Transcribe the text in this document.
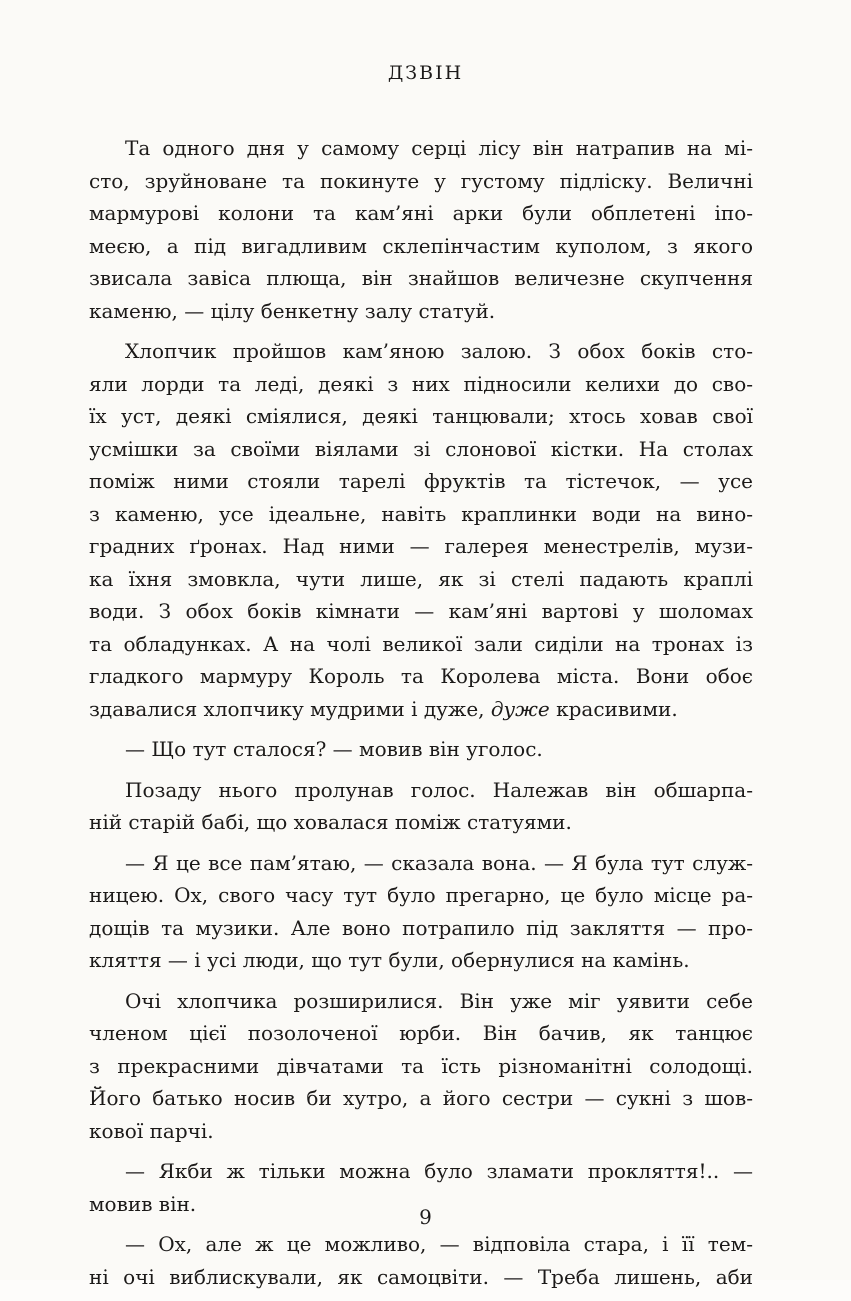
ДЗВІН
Та одного дня у самому серці лісу він натрапив на мі-
сто, зруйноване та покинуте у густому підліску. Величні
мармурові колони та кам’яні арки були обплетені іпо-
меєю, а під вигадливим склепінчастим куполом, з якого
звисала завіса плюща, він знайшов величезне скупчення
каменю, — цілу бенкетну залу статуй.
Хлопчик пройшов кам’яною залою. З обох боків сто-
яли лорди та леді, деякі з них підносили келихи до сво-
їх уст, деякі сміялися, деякі танцювали; хтось ховав свої
усмішки за своїми віялами зі слонової кістки. На столах
поміж ними стояли тарелі фруктів та тістечок, — усе
з каменю, усе ідеальне, навіть краплинки води на вино-
градних ґронах. Над ними — галерея менестрелів, музи-
ка їхня змовкла, чути лише, як зі стелі падають краплі
води. З обох боків кімнати — кам’яні вартові у шоломах
та обладунках. А на чолі великої зали сиділи на тронах із
гладкого мармуру Король та Королева міста. Вони обоє
здавалися хлопчику мудрими і дуже, дуже красивими.
— Що тут сталося? — мовив він уголос.
Позаду нього пролунав голос. Належав він обшарпа-
ній старій бабі, що ховалася поміж статуями.
— Я це все пам’ятаю, — сказала вона. — Я була тут служ-
ницею. Ох, свого часу тут було прегарно, це було місце ра-
дощів та музики. Але воно потрапило під закляття — про-
кляття — і усі люди, що тут були, обернулися на камінь.
Очі хлопчика розширилися. Він уже міг уявити себе
членом цієї позолоченої юрби. Він бачив, як танцює
з прекрасними дівчатами та їсть різноманітні солодощі.
Його батько носив би хутро, а його сестри — сукні з шов-
кової парчі.
— Якби ж тільки можна було зламати прокляття!.. —
мовив він.
— Ох, але ж це можливо, — відповіла стара, і її тем-
ні очі виблискували, як самоцвіти. — Треба лишень, аби
9
